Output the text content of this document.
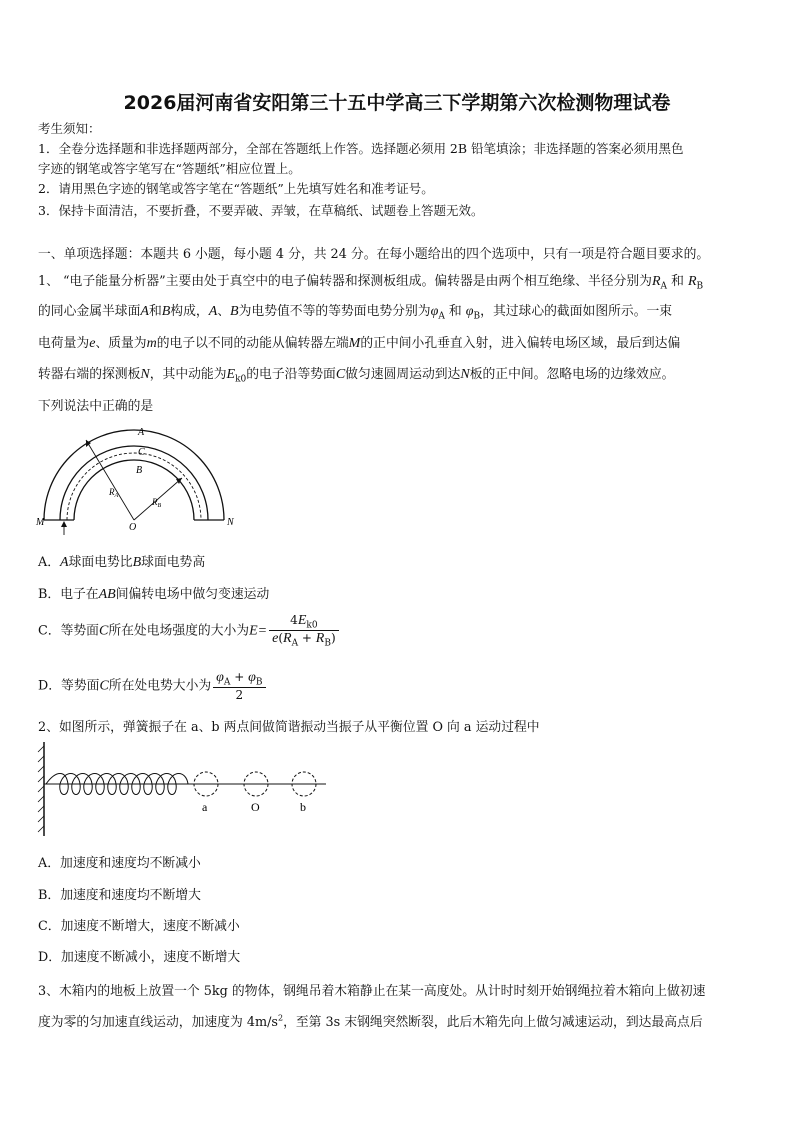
2026届河南省安阳第三十五中学高三下学期第六次检测物理试卷
考生须知：
1．全卷分选择题和非选择题两部分，全部在答题纸上作答。选择题必须用 2B 铅笔填涂；非选择题的答案必须用黑色
字迹的钢笔或答字笔写在“答题纸”相应位置上。
2．请用黑色字迹的钢笔或答字笔在“答题纸”上先填写姓名和准考证号。
3．保持卡面清洁，不要折叠，不要弄破、弄皱，在草稿纸、试题卷上答题无效。
一、单项选择题：本题共 6 小题，每小题 4 分，共 24 分。在每小题给出的四个选项中，只有一项是符合题目要求的。
1、 “电子能量分析器”主要由处于真空中的电子偏转器和探测板组成。偏转器是由两个相互绝缘、半径分别为$R_A$ 和 $R_B$
的同心金属半球面A和B构成，A、B为电势值不等的等势面电势分别为$\varphi_A$ 和 $\varphi_B$，其过球心的截面如图所示。一束
电荷量为e、质量为m的电子以不同的动能从偏转器左端M的正中间小孔垂直入射，进入偏转电场区域，最后到达偏
转器右端的探测板N，其中动能为$E_{k0}$的电子沿等势面C做匀速圆周运动到达N板的正中间。忽略电场的边缘效应。
下列说法中正确的是
A
C
B
$R_A$
$R_B$
O
M	N
A．A球面电势比B球面电势高
B．电子在AB间偏转电场中做匀变速运动
C．等势面C所在处电场强度的大小为$E= \frac{4E_{k0}}{e(R_A + R_B)}$
D．等势面C所在处电势大小为 $\frac{\varphi_A + \varphi_B}{2}$
2、如图所示，弹簧振子在 a、b 两点间做简谐振动当振子从平衡位置 O 向 a 运动过程中
a	O	b
A．加速度和速度均不断减小
B．加速度和速度均不断增大
C．加速度不断增大，速度不断减小
D．加速度不断减小，速度不断增大
3、木箱内的地板上放置一个 5kg 的物体，钢绳吊着木箱静止在某一高度处。从计时时刻开始钢绳拉着木箱向上做初速
度为零的匀加速直线运动，加速度为 $4m/s^2$，至第 3s 末钢绳突然断裂，此后木箱先向上做匀减速运动，到达最高点后
